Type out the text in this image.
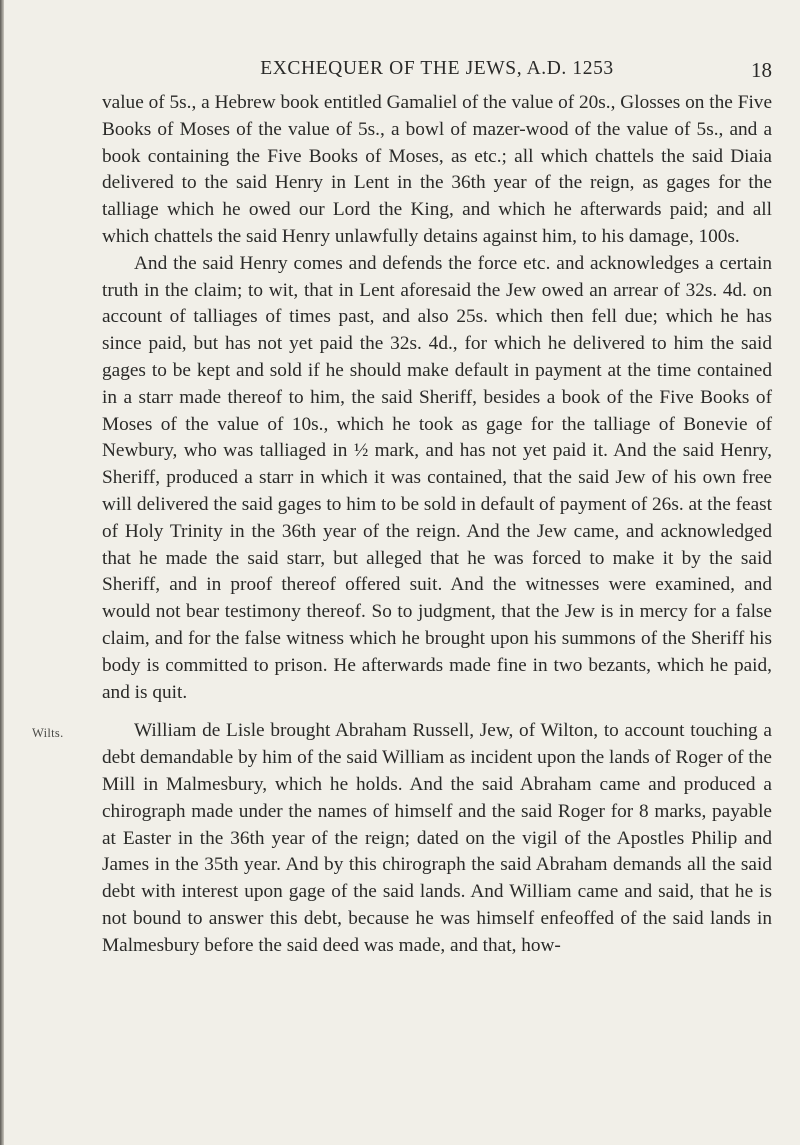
EXCHEQUER OF THE JEWS, A.D. 1253	18

value of 5s., a Hebrew book entitled Gamaliel of the value of 20s., Glosses on the Five Books of Moses of the value of 5s., a bowl of mazer-wood of the value of 5s., and a book containing the Five Books of Moses, as etc.; all which chattels the said Diaia delivered to the said Henry in Lent in the 36th year of the reign, as gages for the talliage which he owed our Lord the King, and which he afterwards paid; and all which chattels the said Henry unlawfully detains against him, to his damage, 100s.

And the said Henry comes and defends the force etc. and acknowledges a certain truth in the claim; to wit, that in Lent aforesaid the Jew owed an arrear of 32s. 4d. on account of talliages of times past, and also 25s. which then fell due; which he has since paid, but has not yet paid the 32s. 4d., for which he delivered to him the said gages to be kept and sold if he should make default in payment at the time contained in a starr made thereof to him, the said Sheriff, besides a book of the Five Books of Moses of the value of 10s., which he took as gage for the talliage of Bonevie of Newbury, who was talliaged in ½ mark, and has not yet paid it. And the said Henry, Sheriff, produced a starr in which it was contained, that the said Jew of his own free will delivered the said gages to him to be sold in default of payment of 26s. at the feast of Holy Trinity in the 36th year of the reign. And the Jew came, and acknowledged that he made the said starr, but alleged that he was forced to make it by the said Sheriff, and in proof thereof offered suit. And the witnesses were examined, and would not bear testimony thereof. So to judgment, that the Jew is in mercy for a false claim, and for the false witness which he brought upon his summons of the Sheriff his body is committed to prison. He afterwards made fine in two bezants, which he paid, and is quit.

Wilts.	William de Lisle brought Abraham Russell, Jew, of Wilton, to account touching a debt demandable by him of the said William as incident upon the lands of Roger of the Mill in Malmesbury, which he holds. And the said Abraham came and produced a chirograph made under the names of himself and the said Roger for 8 marks, payable at Easter in the 36th year of the reign; dated on the vigil of the Apostles Philip and James in the 35th year. And by this chirograph the said Abraham demands all the said debt with interest upon gage of the said lands. And William came and said, that he is not bound to answer this debt, because he was himself enfeoffed of the said lands in Malmesbury before the said deed was made, and that, how-
